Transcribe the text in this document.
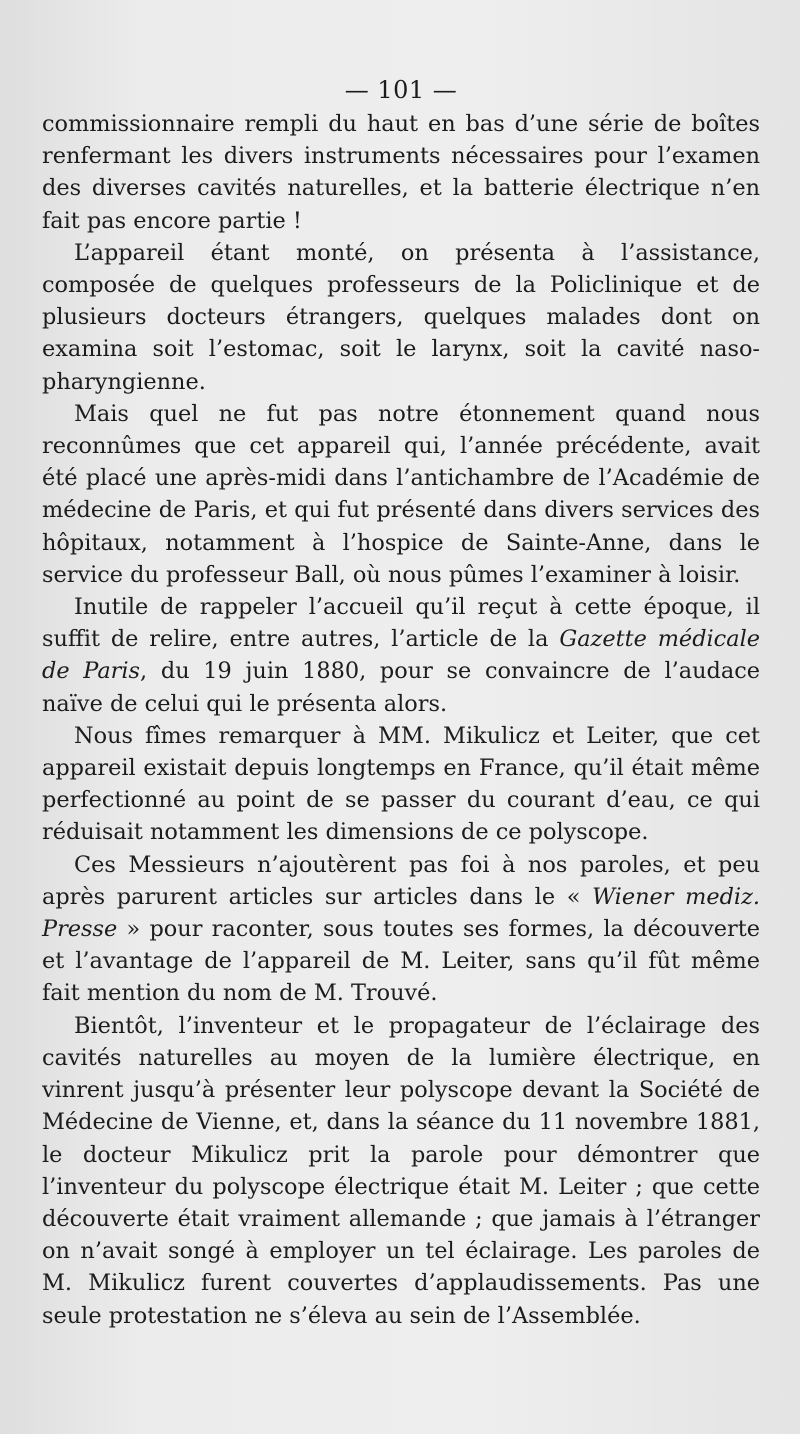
— 101 —

commissionnaire rempli du haut en bas d’une série de boîtes renfermant les divers instruments nécessaires pour l’examen des diverses cavités naturelles, et la batterie électrique n’en fait pas encore partie !

L’appareil étant monté, on présenta à l’assistance, composée de quelques professeurs de la Policlinique et de plusieurs docteurs étrangers, quelques malades dont on examina soit l’estomac, soit le larynx, soit la cavité naso-pharyngienne.

Mais quel ne fut pas notre étonnement quand nous reconnûmes que cet appareil qui, l’année précédente, avait été placé une après-midi dans l’antichambre de l’Académie de médecine de Paris, et qui fut présenté dans divers services des hôpitaux, notamment à l’hospice de Sainte-Anne, dans le service du professeur Ball, où nous pûmes l’examiner à loisir.

Inutile de rappeler l’accueil qu’il reçut à cette époque, il suffit de relire, entre autres, l’article de la Gazette médicale de Paris, du 19 juin 1880, pour se convaincre de l’audace naïve de celui qui le présenta alors.

Nous fîmes remarquer à MM. Mikulicz et Leiter, que cet appareil existait depuis longtemps en France, qu’il était même perfectionné au point de se passer du courant d’eau, ce qui réduisait notamment les dimensions de ce polyscope.

Ces Messieurs n’ajoutèrent pas foi à nos paroles, et peu après parurent articles sur articles dans le « Wiener mediz. Presse » pour raconter, sous toutes ses formes, la découverte et l’avantage de l’appareil de M. Leiter, sans qu’il fût même fait mention du nom de M. Trouvé.

Bientôt, l’inventeur et le propagateur de l’éclairage des cavités naturelles au moyen de la lumière électrique, en vinrent jusqu’à présenter leur polyscope devant la Société de Médecine de Vienne, et, dans la séance du 11 novembre 1881, le docteur Mikulicz prit la parole pour démontrer que l’inventeur du polyscope électrique était M. Leiter ; que cette découverte était vraiment allemande ; que jamais à l’étranger on n’avait songé à employer un tel éclairage. Les paroles de M. Mikulicz furent couvertes d’applaudissements. Pas une seule protestation ne s’éleva au sein de l’Assemblée.
